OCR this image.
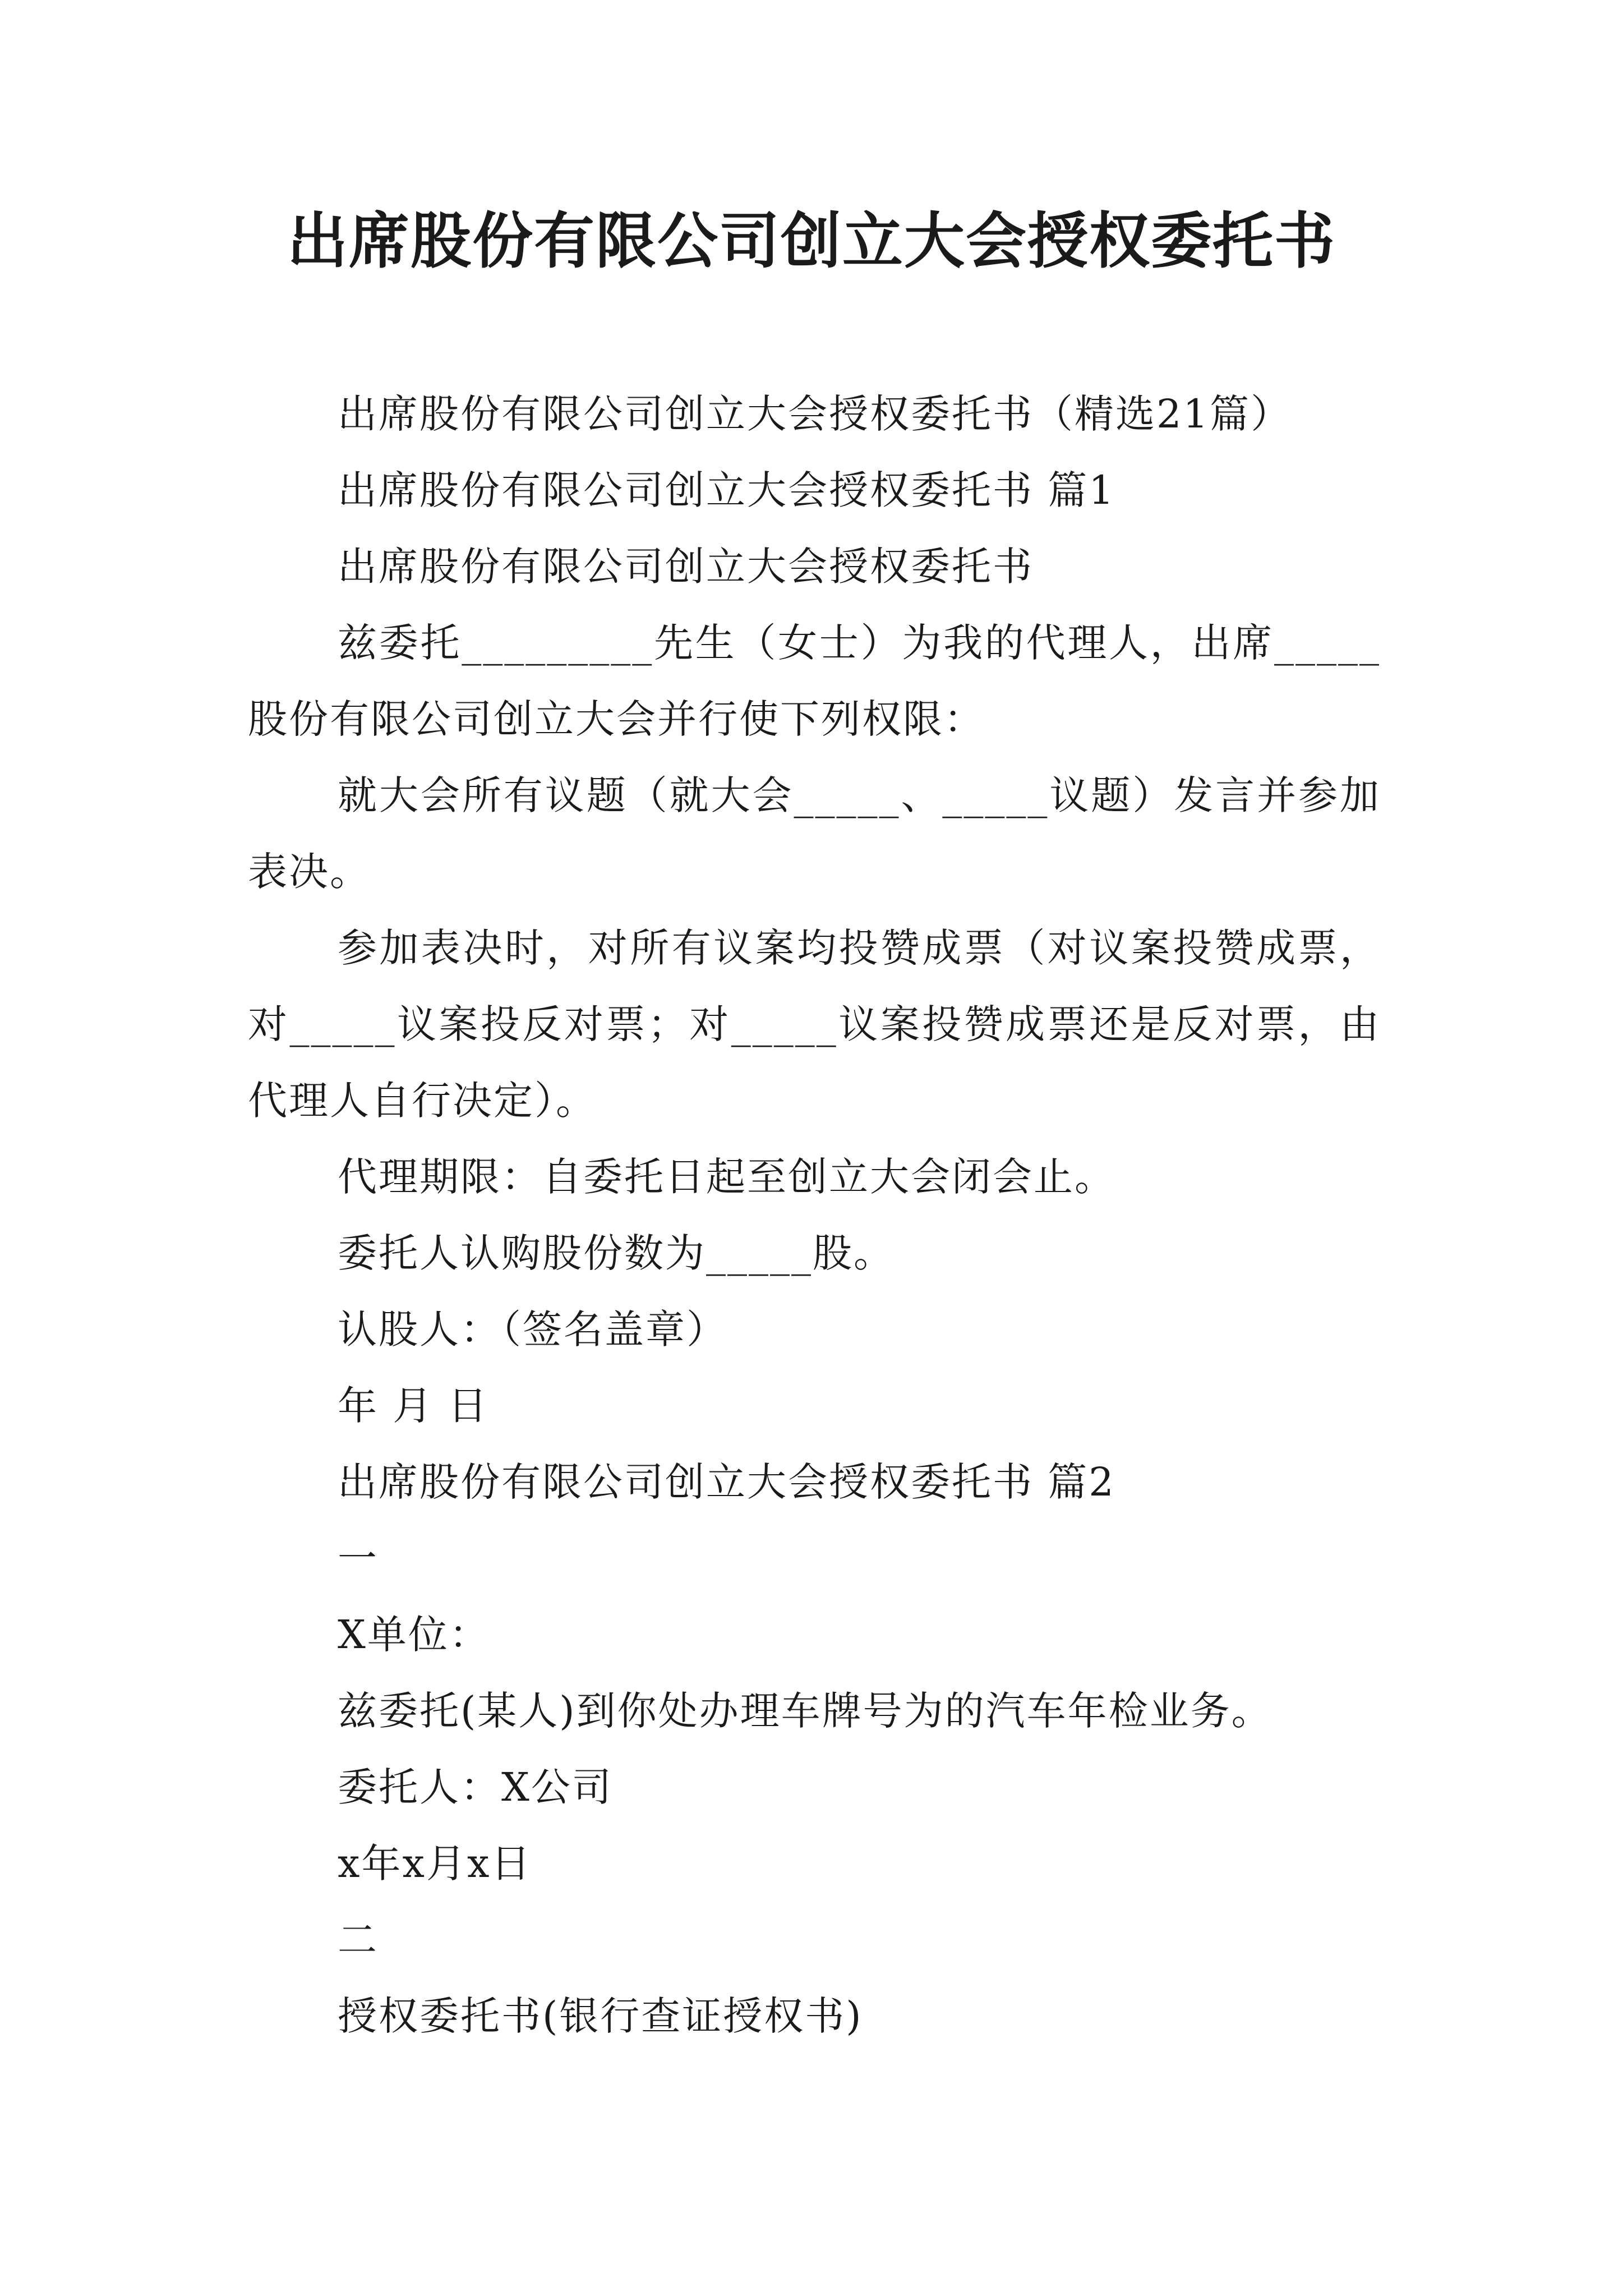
出席股份有限公司创立大会授权委托书

出席股份有限公司创立大会授权委托书（精选21篇）

出席股份有限公司创立大会授权委托书 篇1

出席股份有限公司创立大会授权委托书

兹委托_________先生（女士）为我的代理人，出席_____股份有限公司创立大会并行使下列权限：

就大会所有议题（就大会_____、_____议题）发言并参加表决。

参加表决时，对所有议案均投赞成票（对议案投赞成票，对_____议案投反对票；对_____议案投赞成票还是反对票，由代理人自行决定）。

代理期限：自委托日起至创立大会闭会止。

委托人认购股份数为_____股。

认股人：（签名盖章）

年 月 日

出席股份有限公司创立大会授权委托书 篇2

一

X单位：

兹委托(某人)到你处办理车牌号为的汽车年检业务。

委托人：X公司

x年x月x日

二

授权委托书(银行查证授权书)
